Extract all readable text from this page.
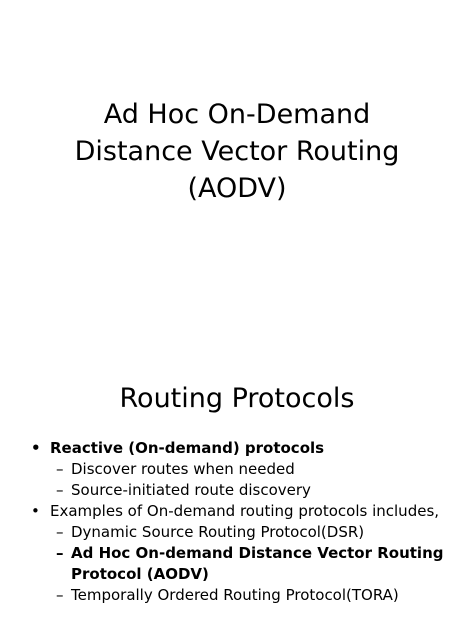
Ad Hoc On-Demand
Distance Vector Routing
(AODV)
Routing Protocols
• Reactive (On-demand) protocols
– Discover routes when needed
– Source-initiated route discovery
• Examples of On-demand routing protocols includes,
– Dynamic Source Routing Protocol(DSR)
– Ad Hoc On-demand Distance Vector Routing
Protocol (AODV)
– Temporally Ordered Routing Protocol(TORA)
